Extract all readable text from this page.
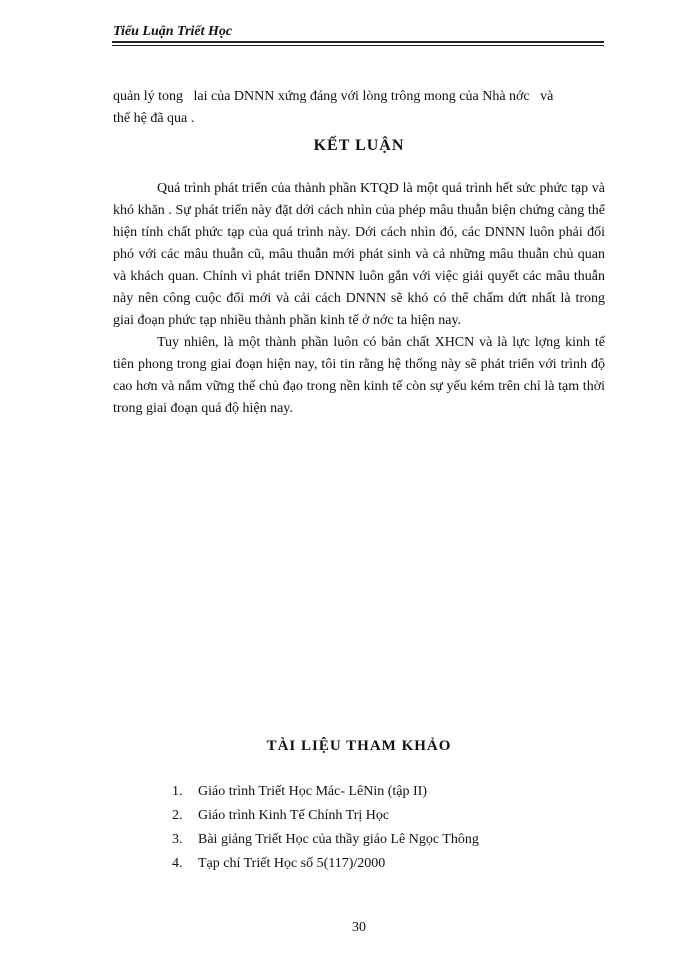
Tiểu Luận Triết Học
quản lý tong   lai của DNNN xứng đáng với lòng trông mong của Nhà nớc   và
thế hệ đã qua .
KẾT LUẬN

Quá trình phát triển của thành phần KTQD là một quá trình hết sức phức tạp và khó khăn . Sự phát triển này đặt dới cách nhìn của phép mâu thuẫn biện chứng càng thể hiện tính chất phức tạp của quá trình này. Dới cách nhìn đó, các DNNN luôn phải đối phó với các mâu thuẫn cũ, mâu thuẫn mới phát sinh và cả những mâu thuẫn chủ quan và khách quan. Chính vì phát triển DNNN luôn gắn với việc giải quyết các mâu thuẫn này nên công cuộc đổi mới và cải cách DNNN sẽ khó có thể chấm dứt nhất là trong giai đoạn phức tạp nhiều thành phần kinh tế ở nớc ta hiện nay.

Tuy nhiên, là một thành phần luôn có bản chất XHCN và là lực lợng kinh tế tiên phong trong giai đoạn hiện nay, tôi tin rằng hệ thống này sẽ phát triển với trình độ cao hơn và nắm vững thế chủ đạo trong nền kinh tế còn sự yếu kém trên chỉ là tạm thời trong giai đoạn quá độ hiện nay.

TÀI LIỆU THAM KHẢO
1.	Giáo trình Triết Học Mác- LêNin (tập II)
2.	Giáo trình Kinh Tế Chính Trị Học
3.	Bài giảng Triết Học của thầy giáo Lê Ngọc Thông
4.	Tạp chí Triết Học số 5(117)/2000
30
